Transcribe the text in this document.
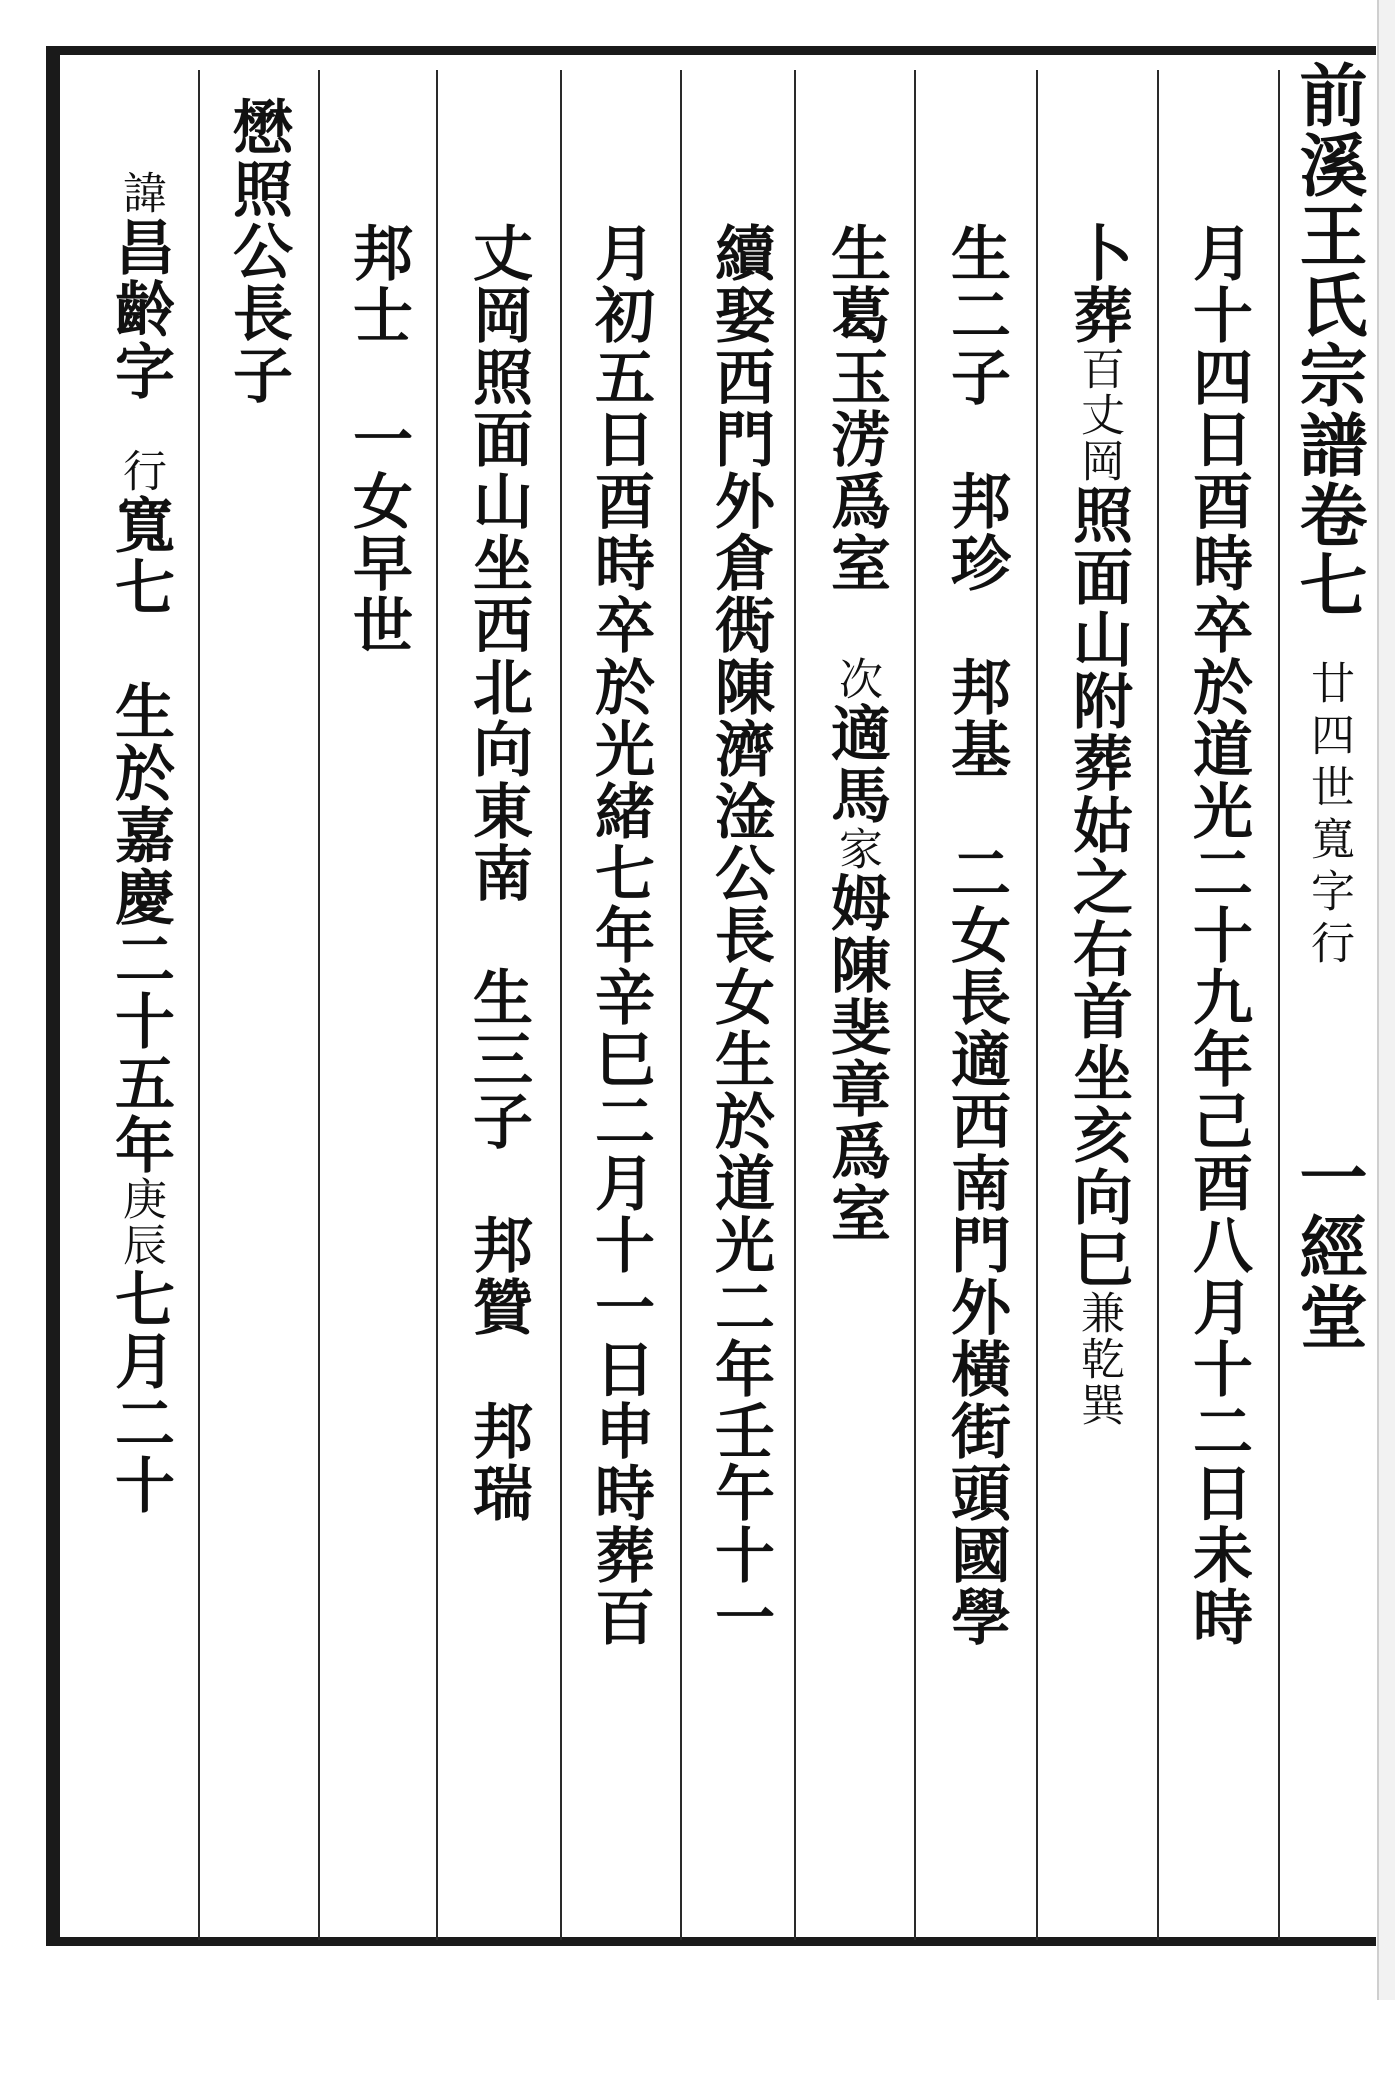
前溪王氏宗譜卷七
廿四世寬字行
一經堂
月十四日酉時卒於道光二十九年己酉八月十二日未時
卜葬
百丈岡
照面山附葬姑之右首坐亥向巳
兼乾巽
生二子　邦珍　邦基　二女長適西南門外橫街頭國學
生葛玉淓爲室　
次
適馬
家
姆陳斐章爲室
續娶西門外倉衖陳濟淦公長女生於道光二年壬午十一
月初五日酉時卒於光緒七年辛巳二月十一日申時葬百
丈岡照面山坐西北向東南　生三子　邦贊　邦瑞
邦士　一女早世
懋照公長子
諱
昌齡字
　行
寬七　生於嘉慶二十五年
庚辰
七月二十
